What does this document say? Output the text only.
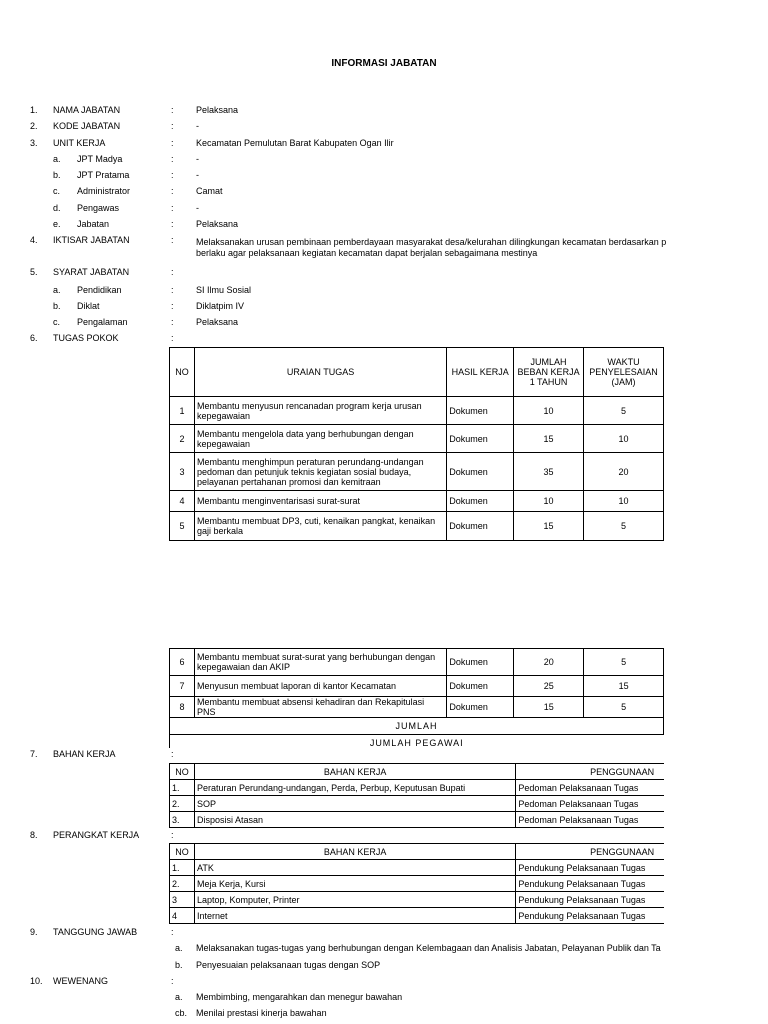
INFORMASI JABATAN
1. NAMA JABATAN	: Pelaksana
2. KODE JABATAN	: -
3. UNIT KERJA	: Kecamatan Pemulutan Barat Kabupaten Ogan Ilir
a. JPT Madya	: -
b. JPT Pratama	: -
c. Administrator	: Camat
d. Pengawas	: -
e. Jabatan	: Pelaksana
4. IKTISAR JABATAN	: Melaksanakan urusan pembinaan pemberdayaan masyarakat desa/kelurahan dilingkungan kecamatan berdasarkan p
berlaku agar pelaksanaan kegiatan kecamatan dapat berjalan sebagaimana mestinya
5. SYARAT JABATAN	:
a. Pendidikan	: SI Ilmu Sosial
b. Diklat	: Diklatpim IV
c. Pengalaman	: Pelaksana
6. TUGAS POKOK	:
7. BAHAN KERJA	:
8. PERANGKAT KERJA	:
9. TANGGUNG JAWAB	:
a. Melaksanakan tugas-tugas yang berhubungan dengan Kelembagaan dan Analisis Jabatan, Pelayanan Publik dan Ta
b. Penyesuaian pelaksanaan tugas dengan SOP
10. WEWENANG	:
a. Membimbing, mengarahkan dan menegur bawahan
cb. Menilai prestasi kinerja bawahan
NO	URAIAN TUGAS	HASIL KERJA	JUMLAH
BEBAN KERJA
1 TAHUN	WAKTU
PENYELESAIAN
(JAM)
1	Membantu menyusun rencanadan program kerja urusan
kepegawaian	Dokumen	10	5
2	Membantu mengelola data yang berhubungan dengan
kepegawaian	Dokumen	15	10
3	Membantu menghimpun peraturan perundang-undangan
pedoman dan petunjuk teknis kegiatan sosial budaya,
pelayanan pertahanan promosi dan kemitraan	Dokumen	35	20
4	Membantu menginventarisasi surat-surat	Dokumen	10	10
5	Membantu membuat DP3, cuti, kenaikan pangkat, kenaikan
gaji berkala	Dokumen	15	5
6	Membantu membuat surat-surat yang berhubungan dengan
kepegawaian dan AKIP	Dokumen	20	5
7	Menyusun membuat laporan di kantor Kecamatan	Dokumen	25	15
8	Membantu membuat absensi kehadiran dan Rekapitulasi PNS	Dokumen	15	5
JUMLAH				
JUMLAH PEGAWAI				
NO	BAHAN KERJA	PENGGUNAAN
1.	Peraturan Perundang-undangan, Perda, Perbup, Keputusan Bupati	Pedoman Pelaksanaan Tugas
2.	SOP	Pedoman Pelaksanaan Tugas
3.	Disposisi Atasan	Pedoman Pelaksanaan Tugas
NO	BAHAN KERJA	PENGGUNAAN
1.	ATK	Pendukung Pelaksanaan Tugas
2.	Meja Kerja, Kursi	Pendukung Pelaksanaan Tugas
3	Laptop, Komputer, Printer	Pendukung Pelaksanaan Tugas
4	Internet	Pendukung Pelaksanaan Tugas
